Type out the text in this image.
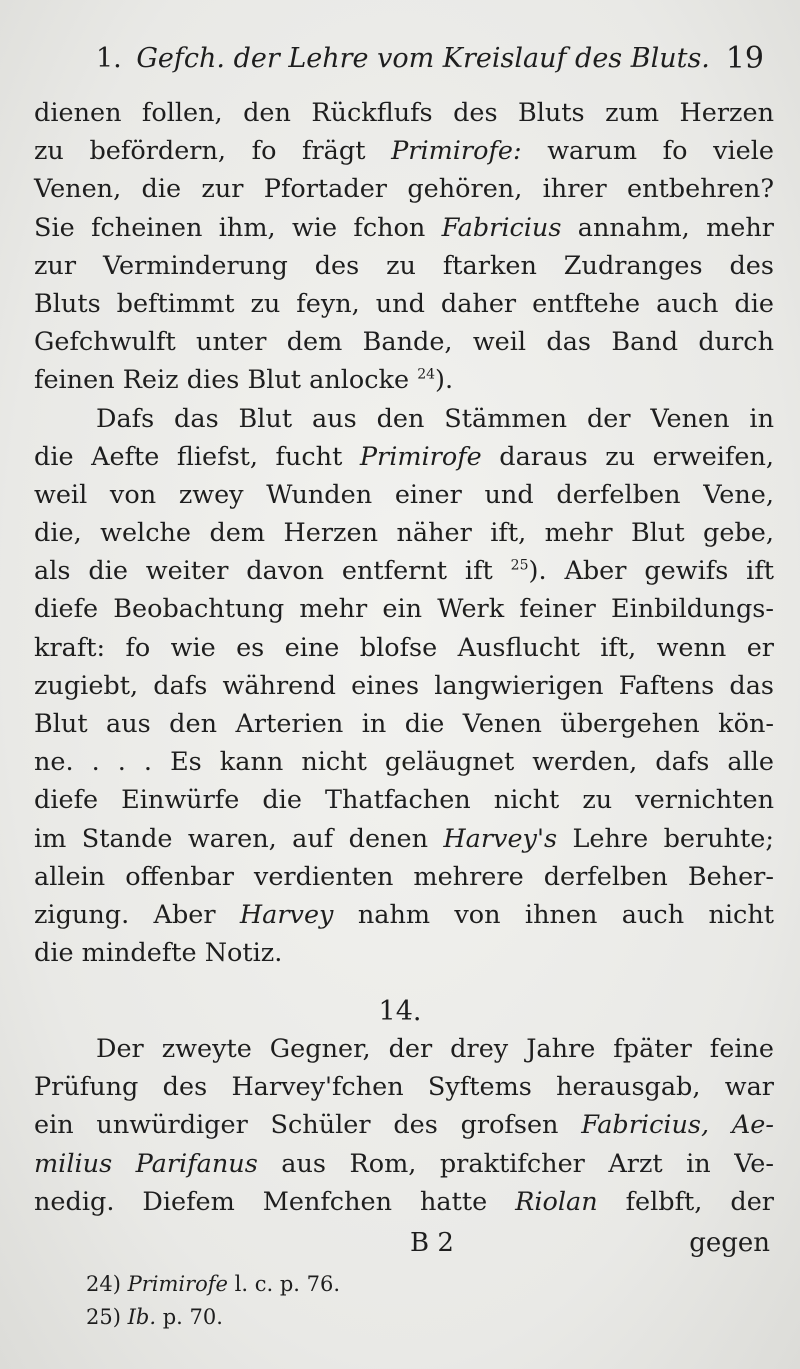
1. Gefch. der Lehre vom Kreislauf des Bluts. 19
dienen follen, den Rückflufs des Bluts zum Herzen
zu befördern, fo frägt Primirofe: warum fo viele
Venen, die zur Pfortader gehören, ihrer entbehren?
Sie fcheinen ihm, wie fchon Fabricius annahm, mehr
zur Verminderung des zu ftarken Zudranges des
Bluts beftimmt zu feyn, und daher entftehe auch die
Gefchwulft unter dem Bande, weil das Band durch
feinen Reiz dies Blut anlocke $^{24}$).
Dafs das Blut aus den Stämmen der Venen in
die Aefte fliefst, fucht Primirofe daraus zu erweifen,
weil von zwey Wunden einer und derfelben Vene,
die, welche dem Herzen näher ift, mehr Blut gebe,
als die weiter davon entfernt ift $^{25}$). Aber gewifs ift
diefe Beobachtung mehr ein Werk feiner Einbildungs-
kraft: fo wie es eine blofse Ausflucht ift, wenn er
zugiebt, dafs während eines langwierigen Faftens das
Blut aus den Arterien in die Venen übergehen kön-
ne. . . . Es kann nicht geläugnet werden, dafs alle
diefe Einwürfe die Thatfachen nicht zu vernichten
im Stande waren, auf denen Harvey's Lehre beruhte;
allein offenbar verdienten mehrere derfelben Beher-
zigung. Aber Harvey nahm von ihnen auch nicht
die mindefte Notiz.
14.
Der zweyte Gegner, der drey Jahre fpäter feine
Prüfung des Harvey'fchen Syftems herausgab, war
ein unwürdiger Schüler des grofsen Fabricius, Ae-
milius Parifanus aus Rom, praktifcher Arzt in Ve-
nedig. Diefem Menfchen hatte Riolan felbft, der
B 2	gegen
24) Primirofe l. c. p. 76.
25) Ib. p. 70.
